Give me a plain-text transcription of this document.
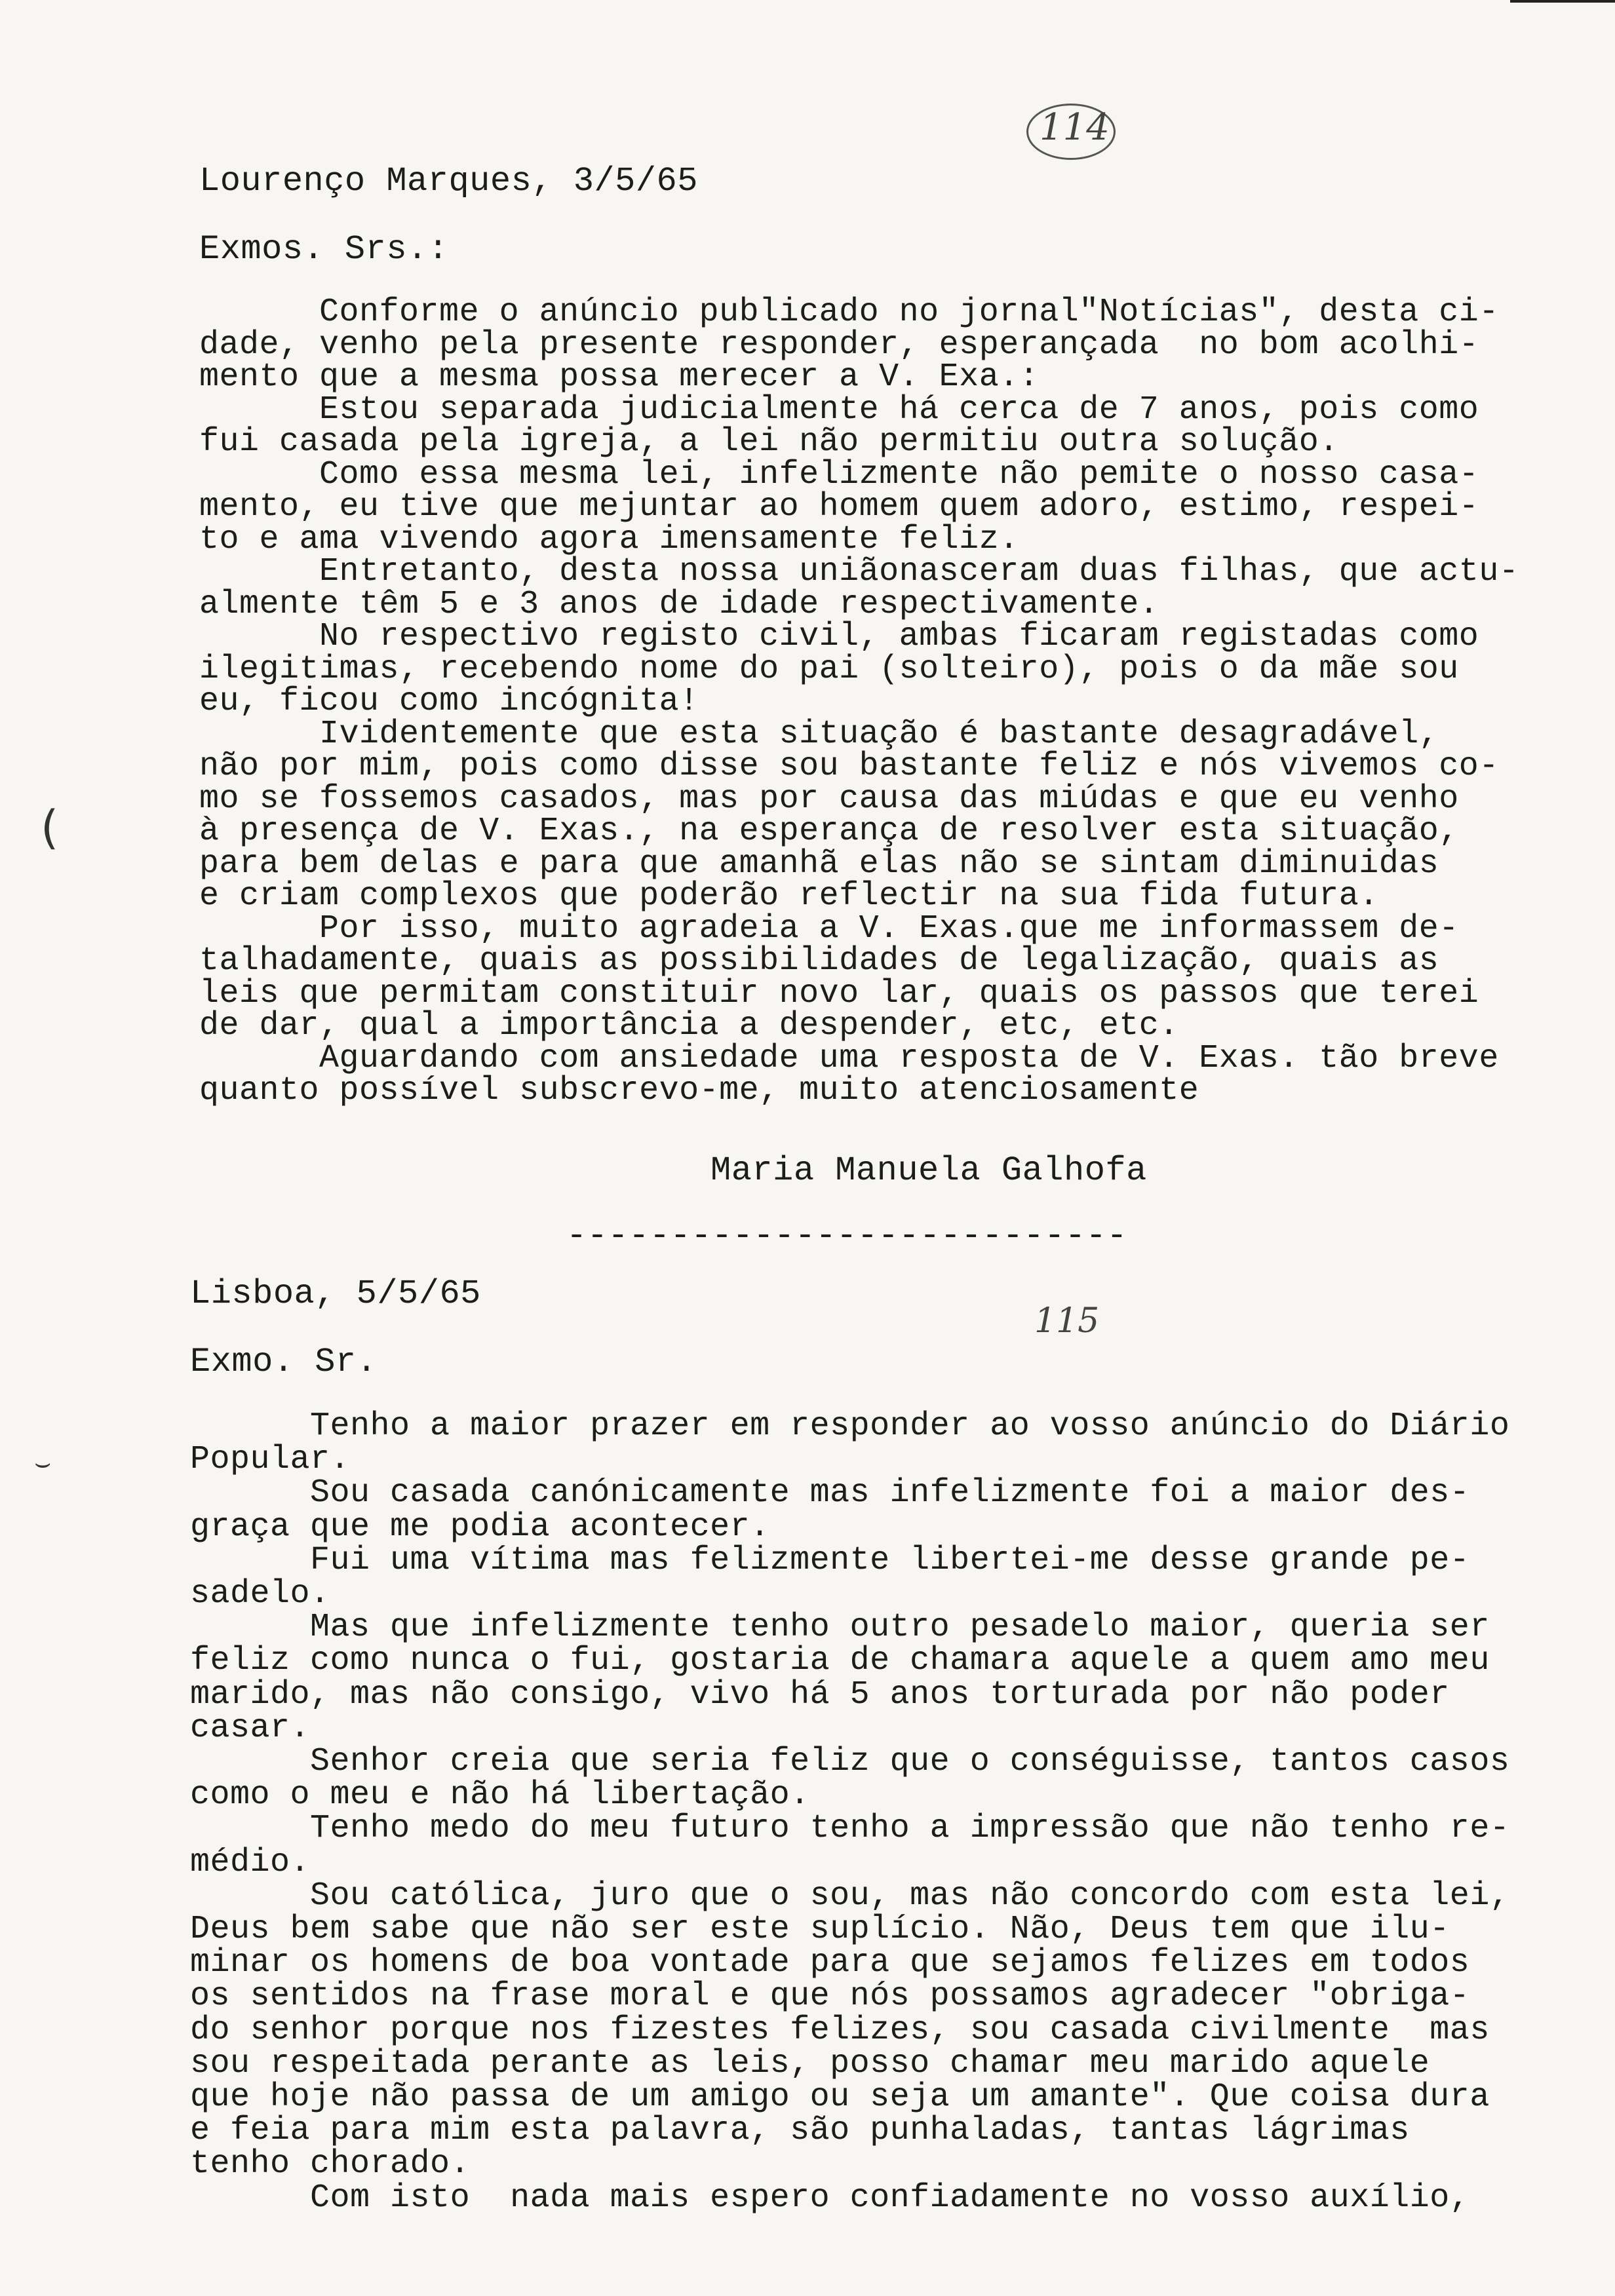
114
Lourenço Marques, 3/5/65
Exmos. Srs.:
Conforme o anúncio publicado no jornal"Notícias", desta ci-
dade, venho pela presente responder, esperançada  no bom acolhi-
mento que a mesma possa merecer a V. Exa.:
Estou separada judicialmente há cerca de 7 anos, pois como
fui casada pela igreja, a lei não permitiu outra solução.
Como essa mesma lei, infelizmente não pemite o nosso casa-
mento, eu tive que mejuntar ao homem quem adoro, estimo, respei-
to e ama vivendo agora imensamente feliz.
Entretanto, desta nossa uniãonasceram duas filhas, que actu-
almente têm 5 e 3 anos de idade respectivamente.
No respectivo registo civil, ambas ficaram registadas como
ilegitimas, recebendo nome do pai (solteiro), pois o da mãe sou
eu, ficou como incógnita!
Ividentemente que esta situação é bastante desagradável,
não por mim, pois como disse sou bastante feliz e nós vivemos co-
mo se fossemos casados, mas por causa das miúdas e que eu venho
à presença de V. Exas., na esperança de resolver esta situação,
para bem delas e para que amanhã elas não se sintam diminuidas
e criam complexos que poderão reflectir na sua fida futura.
Por isso, muito agradeia a V. Exas.que me informassem de-
talhadamente, quais as possibilidades de legalização, quais as
leis que permitam constituir novo lar, quais os passos que terei
de dar, qual a importância a despender, etc, etc.
Aguardando com ansiedade uma resposta de V. Exas. tão breve
quanto possível subscrevo-me, muito atenciosamente
Maria Manuela Galhofa
---------------------------
Lisboa, 5/5/65
115
Exmo. Sr.
Tenho a maior prazer em responder ao vosso anúncio do Diário
Popular.
Sou casada canónicamente mas infelizmente foi a maior des-
graça que me podia acontecer.
Fui uma vítima mas felizmente libertei-me desse grande pe-
sadelo.
Mas que infelizmente tenho outro pesadelo maior, queria ser
feliz como nunca o fui, gostaria de chamara aquele a quem amo meu
marido, mas não consigo, vivo há 5 anos torturada por não poder
casar.
Senhor creia que seria feliz que o conséguisse, tantos casos
como o meu e não há libertação.
Tenho medo do meu futuro tenho a impressão que não tenho re-
médio.
Sou católica, juro que o sou, mas não concordo com esta lei,
Deus bem sabe que não ser este suplício. Não, Deus tem que ilu-
minar os homens de boa vontade para que sejamos felizes em todos
os sentidos na frase moral e que nós possamos agradecer "obriga-
do senhor porque nos fizestes felizes, sou casada civilmente  mas
sou respeitada perante as leis, posso chamar meu marido aquele
que hoje não passa de um amigo ou seja um amante". Que coisa dura
e feia para mim esta palavra, são punhaladas, tantas lágrimas
tenho chorado.
Com isto  nada mais espero confiadamente no vosso auxílio,
(
⌣
